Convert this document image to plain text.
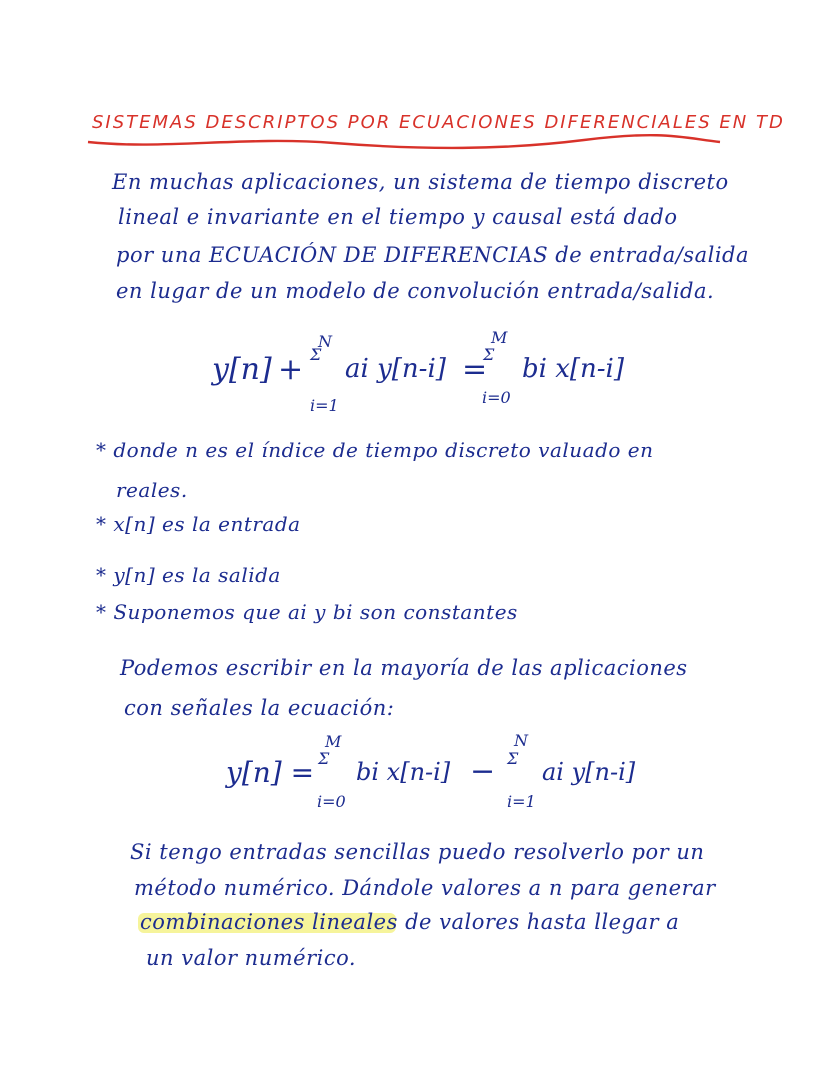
SISTEMAS DESCRIPTOS POR ECUACIONES DIFERENCIALES EN TD
En muchas aplicaciones, un sistema de tiempo discreto
lineal e invariante en el tiempo y causal está dado
por una ECUACIÓN DE DIFERENCIAS de entrada/salida
en lugar de un modelo de convolución entrada/salida.
y[n] +
N
Σ
i=1
ai y[n-i] =
M
Σ
i=0
bi x[n-i]
* donde n es el índice de tiempo discreto valuado en
reales.
* x[n] es la entrada
* y[n] es la salida
* Suponemos que ai y bi son constantes
Podemos escribir en la mayoría de las aplicaciones
con señales la ecuación:
y[n] =
M
Σ
i=0
bi x[n-i] −
N
Σ
i=1
ai y[n-i]
Si tengo entradas sencillas puedo resolverlo por un
método numérico. Dándole valores a n para generar
combinaciones lineales de valores hasta llegar a
un valor numérico.
